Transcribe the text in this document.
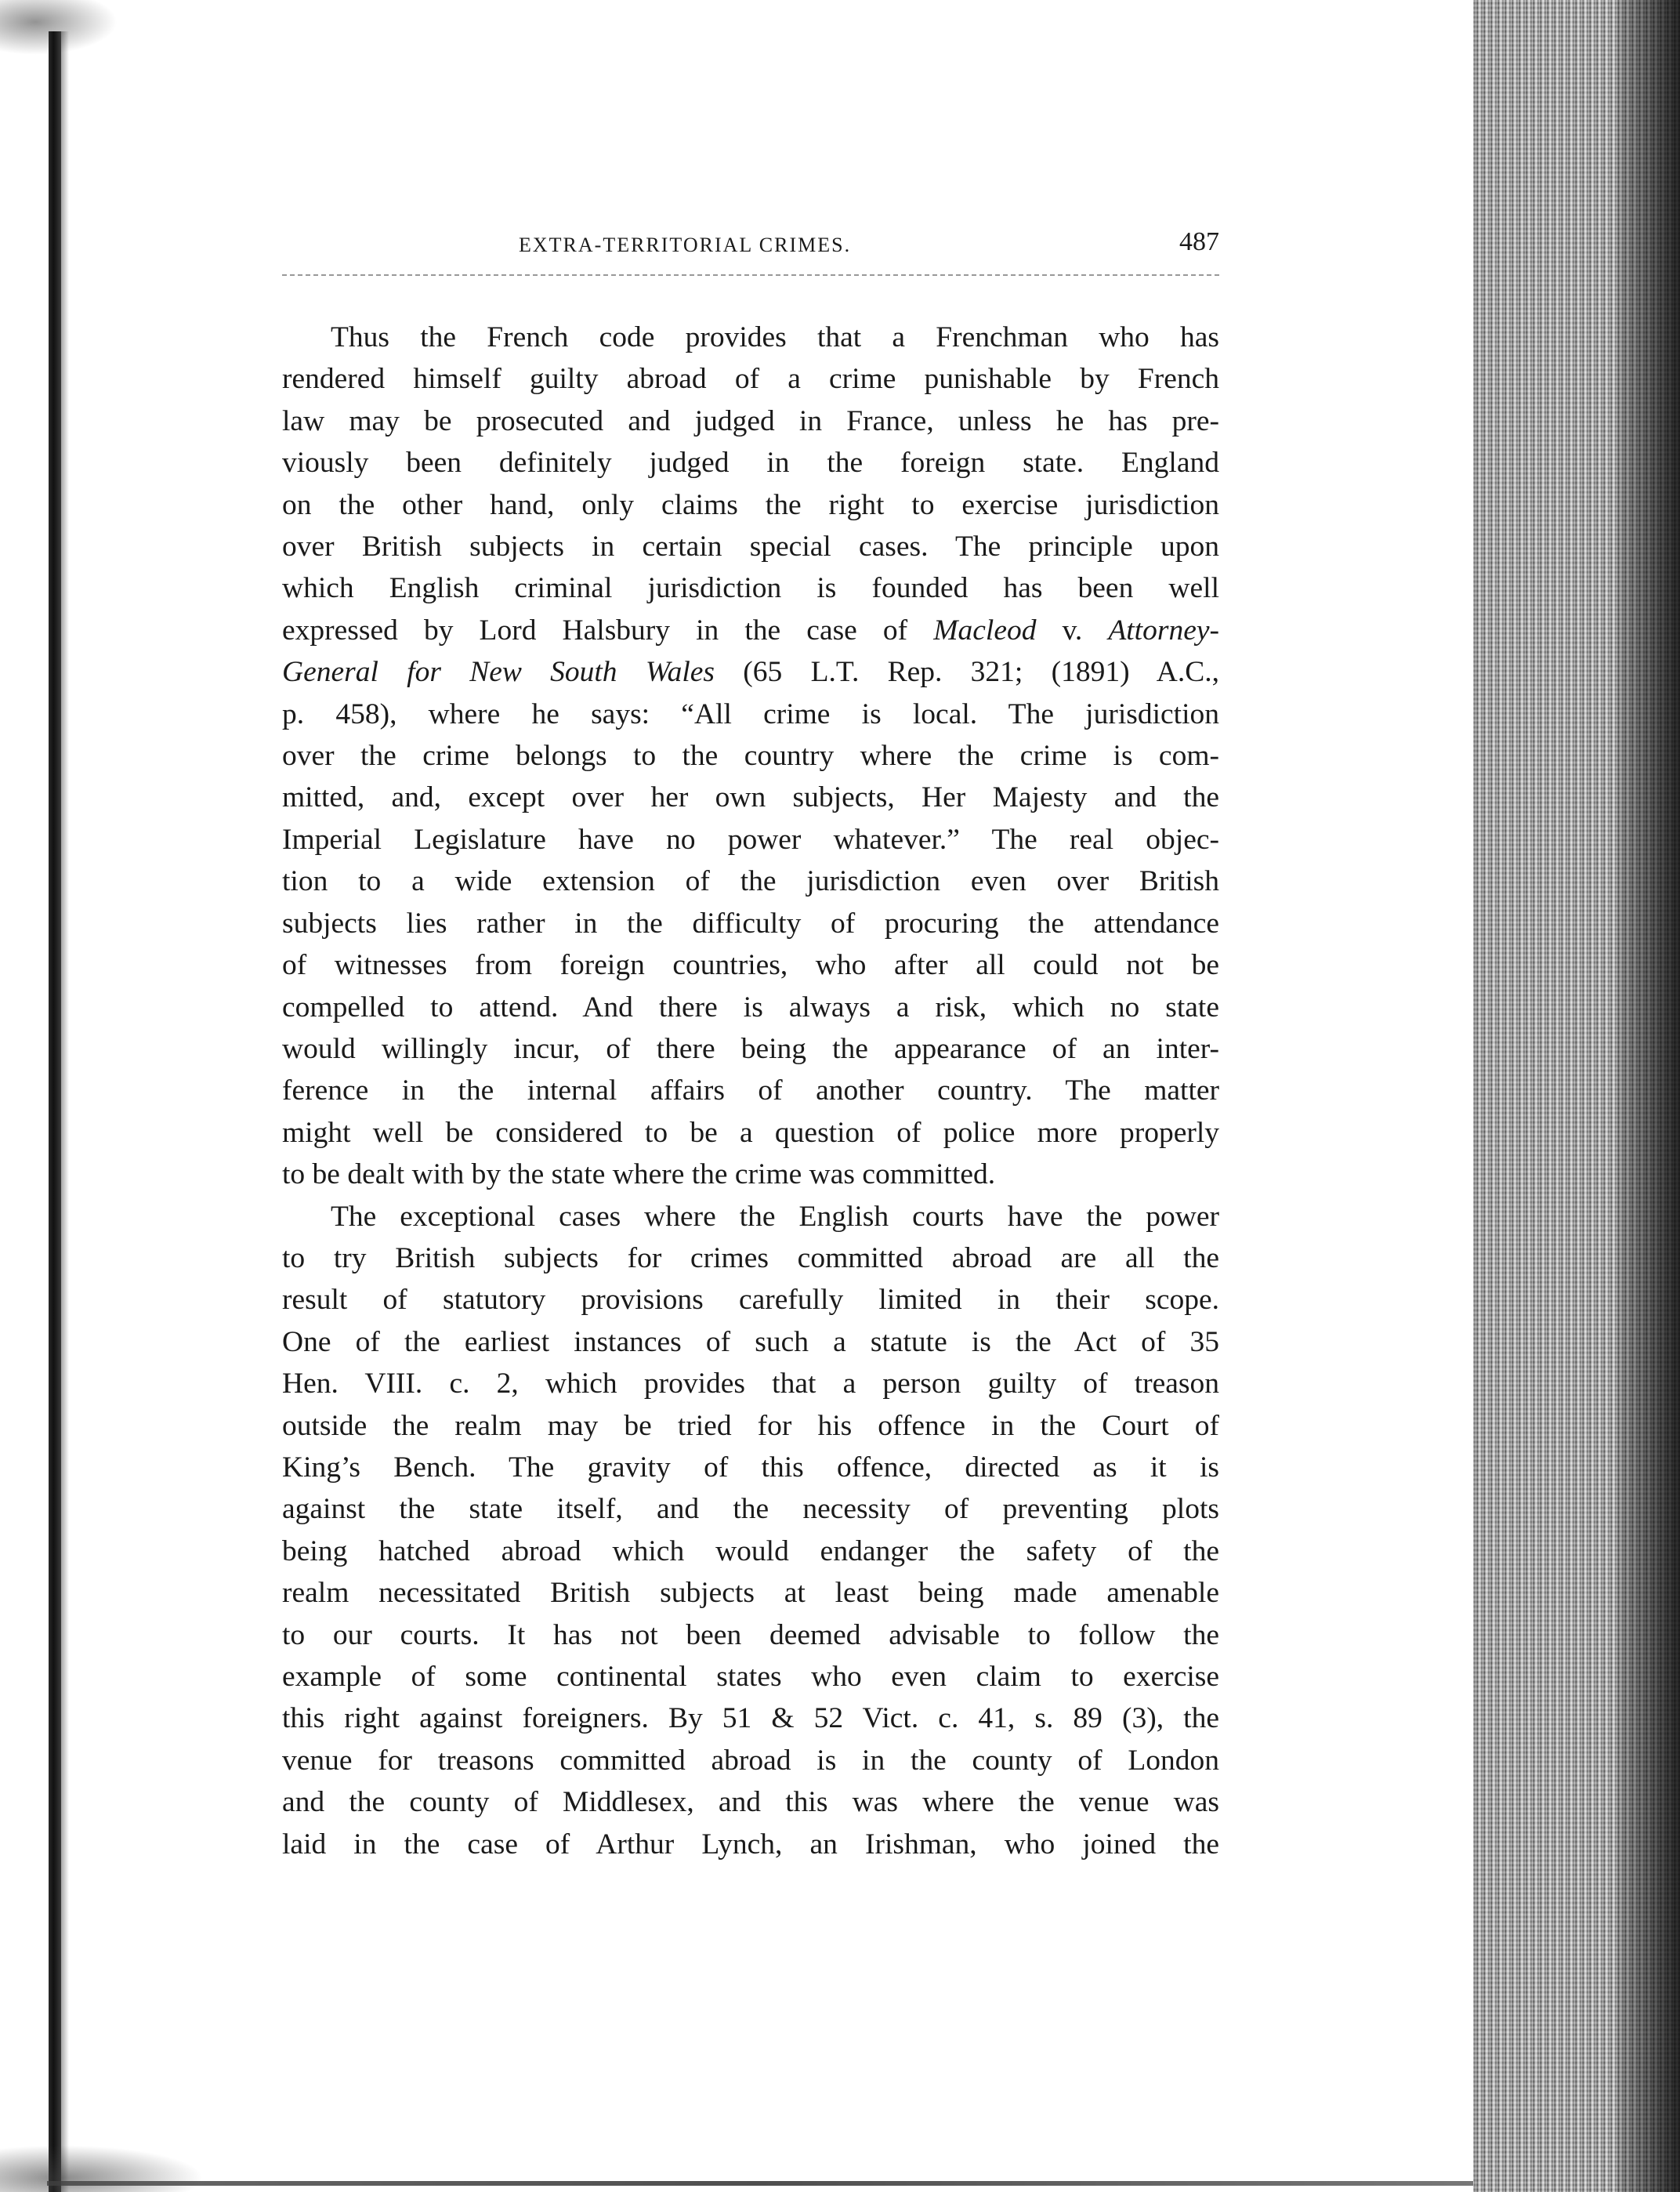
EXTRA-TERRITORIAL CRIMES.	487

Thus the French code provides that a Frenchman who has
rendered himself guilty abroad of a crime punishable by French
law may be prosecuted and judged in France, unless he has pre-
viously been definitely judged in the foreign state. England
on the other hand, only claims the right to exercise jurisdiction
over British subjects in certain special cases. The principle upon
which English criminal jurisdiction is founded has been well
expressed by Lord Halsbury in the case of Macleod v. Attorney-
General for New South Wales (65 L.T. Rep. 321; (1891) A.C.,
p. 458), where he says: “All crime is local. The jurisdiction
over the crime belongs to the country where the crime is com-
mitted, and, except over her own subjects, Her Majesty and the
Imperial Legislature have no power whatever.” The real objec-
tion to a wide extension of the jurisdiction even over British
subjects lies rather in the difficulty of procuring the attendance
of witnesses from foreign countries, who after all could not be
compelled to attend. And there is always a risk, which no state
would willingly incur, of there being the appearance of an inter-
ference in the internal affairs of another country. The matter
might well be considered to be a question of police more properly
to be dealt with by the state where the crime was committed.

The exceptional cases where the English courts have the power
to try British subjects for crimes committed abroad are all the
result of statutory provisions carefully limited in their scope.
One of the earliest instances of such a statute is the Act of 35
Hen. VIII. c. 2, which provides that a person guilty of treason
outside the realm may be tried for his offence in the Court of
King’s Bench. The gravity of this offence, directed as it is
against the state itself, and the necessity of preventing plots
being hatched abroad which would endanger the safety of the
realm necessitated British subjects at least being made amenable
to our courts. It has not been deemed advisable to follow the
example of some continental states who even claim to exercise
this right against foreigners. By 51 & 52 Vict. c. 41, s. 89 (3), the
venue for treasons committed abroad is in the county of London
and the county of Middlesex, and this was where the venue was
laid in the case of Arthur Lynch, an Irishman, who joined the
